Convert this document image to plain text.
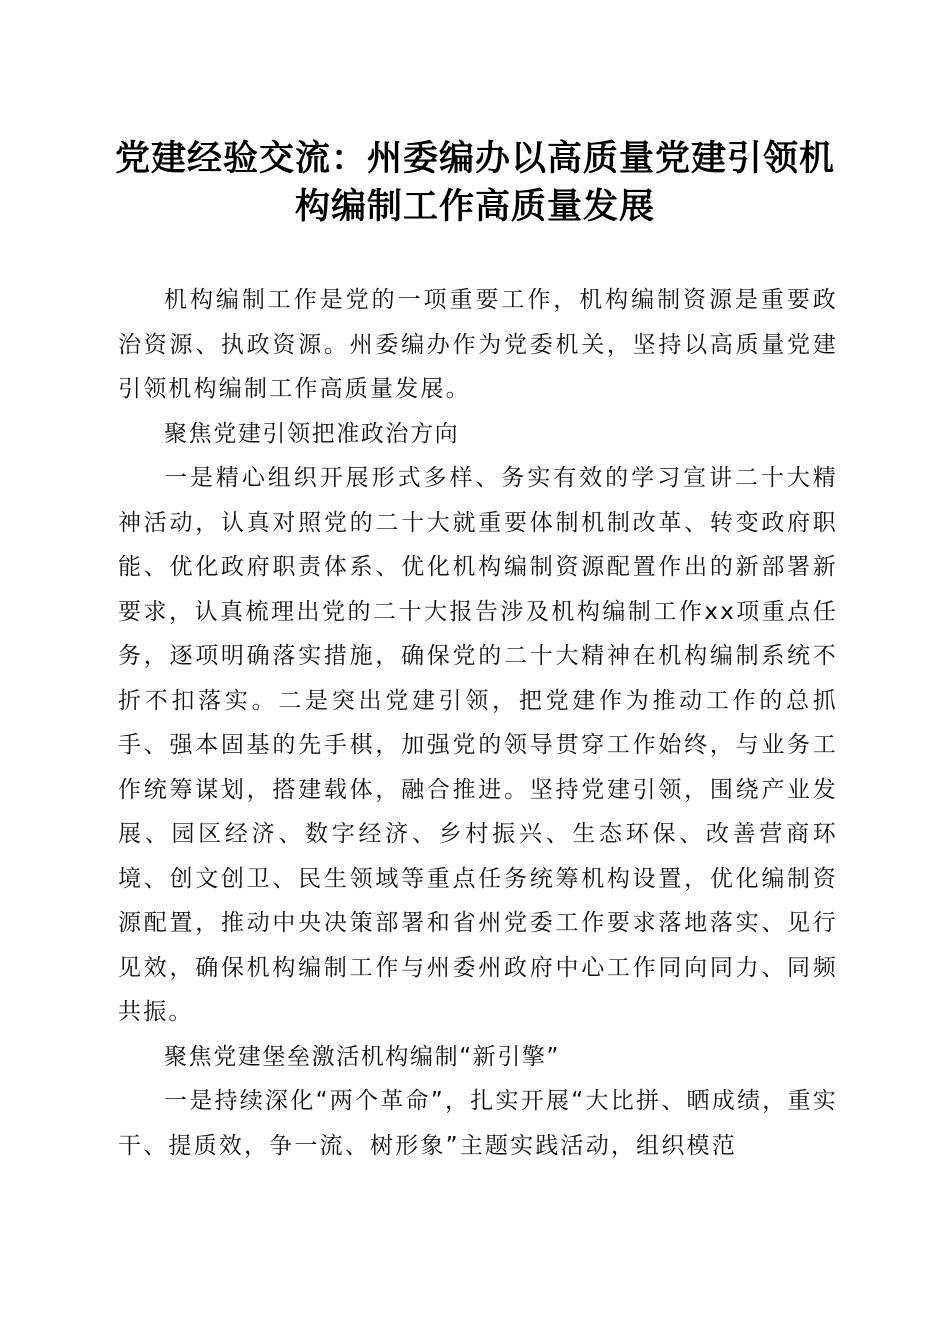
党建经验交流：州委编办以高质量党建引领机
构编制工作高质量发展

机构编制工作是党的一项重要工作，机构编制资源是重要政治资源、执政资源。州委编办作为党委机关，坚持以高质量党建引领机构编制工作高质量发展。

聚焦党建引领把准政治方向

一是精心组织开展形式多样、务实有效的学习宣讲二十大精神活动，认真对照党的二十大就重要体制机制改革、转变政府职能、优化政府职责体系、优化机构编制资源配置作出的新部署新要求，认真梳理出党的二十大报告涉及机构编制工作xx项重点任务，逐项明确落实措施，确保党的二十大精神在机构编制系统不折不扣落实。二是突出党建引领，把党建作为推动工作的总抓手、强本固基的先手棋，加强党的领导贯穿工作始终，与业务工作统筹谋划，搭建载体，融合推进。坚持党建引领，围绕产业发展、园区经济、数字经济、乡村振兴、生态环保、改善营商环境、创文创卫、民生领域等重点任务统筹机构设置，优化编制资源配置，推动中央决策部署和省州党委工作要求落地落实、见行见效，确保机构编制工作与州委州政府中心工作同向同力、同频共振。

聚焦党建堡垒激活机构编制“新引擎”

一是持续深化“两个革命”，扎实开展“大比拼、晒成绩，重实干、提质效，争一流、树形象”主题实践活动，组织模范
